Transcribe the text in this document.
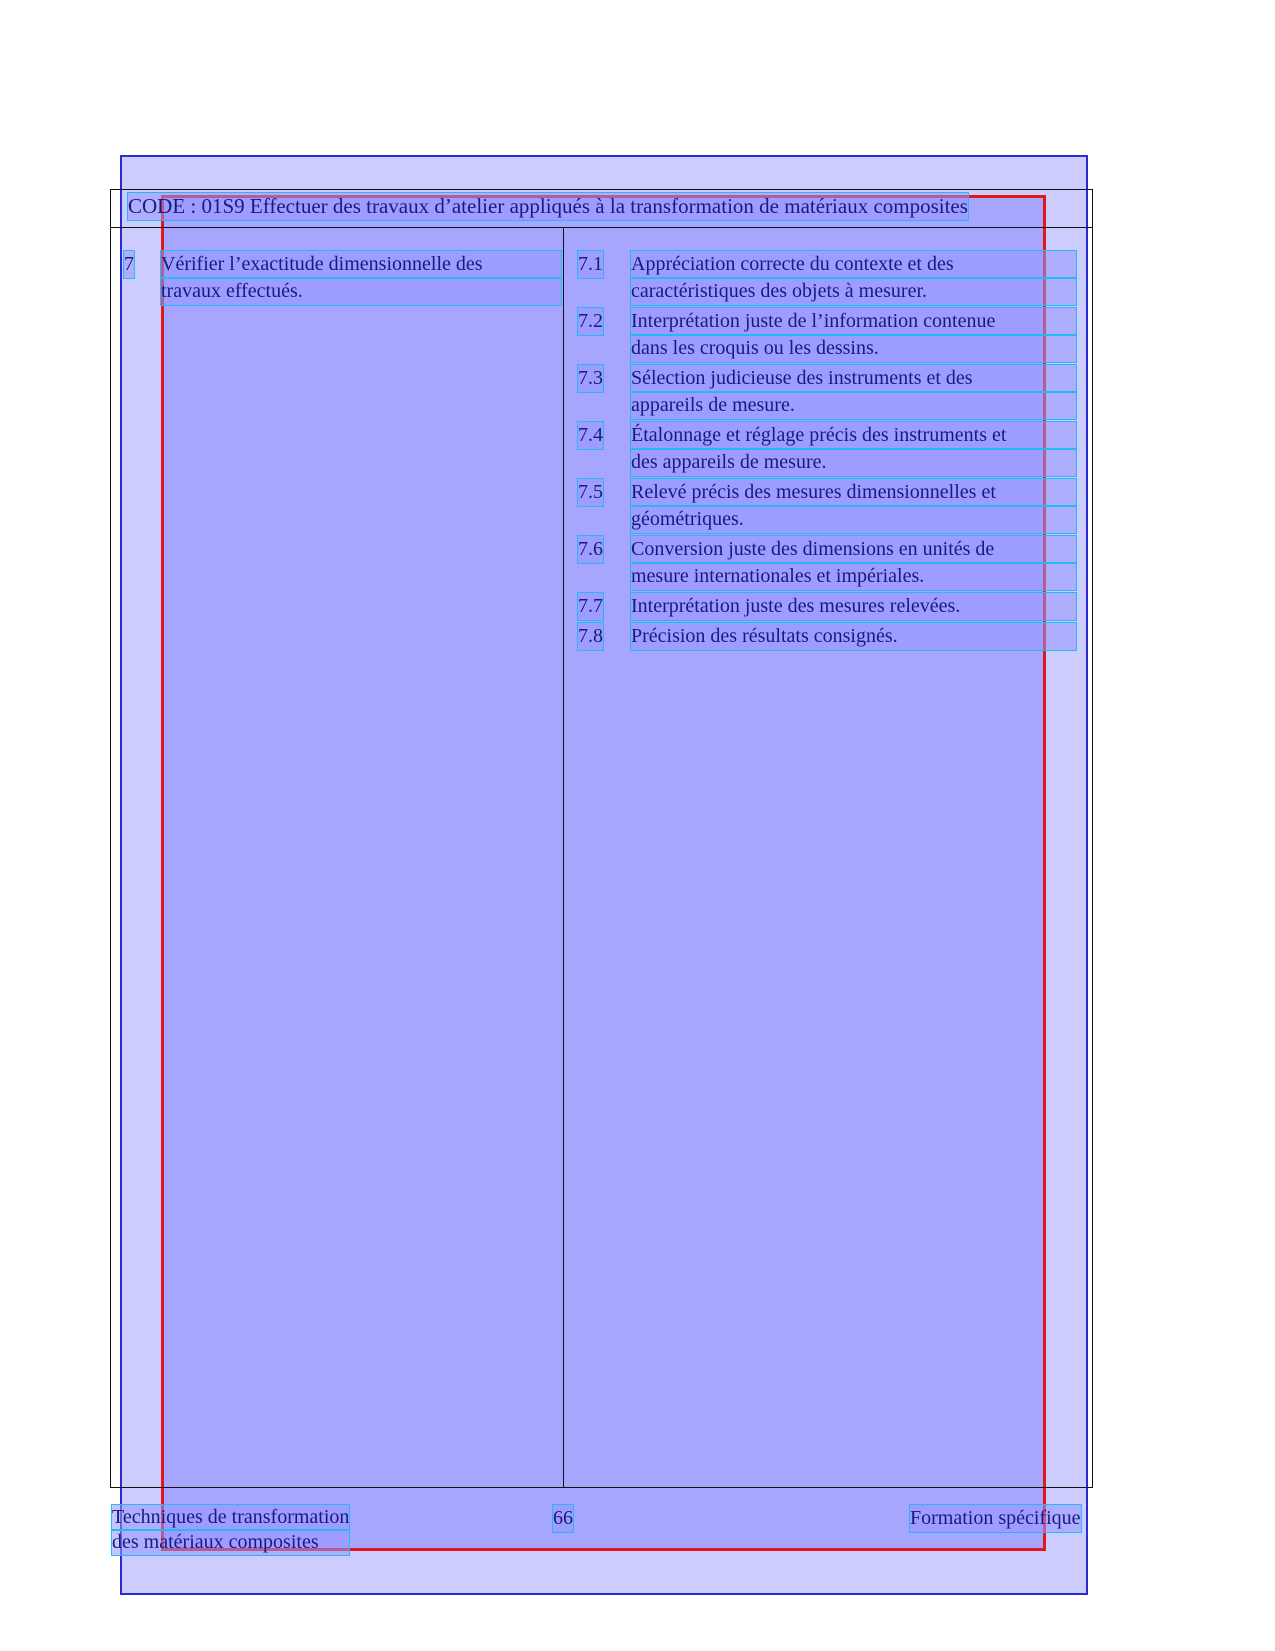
CODE : 01S9 Effectuer des travaux d’atelier appliqués à la transformation de matériaux composites
7 Vérifier l’exactitude dimensionnelle des
travaux effectués.
7.1 Appréciation correcte du contexte et des
caractéristiques des objets à mesurer.
7.2 Interprétation juste de l’information contenue
dans les croquis ou les dessins.
7.3 Sélection judicieuse des instruments et des
appareils de mesure.
7.4 Étalonnage et réglage précis des instruments et
des appareils de mesure.
7.5 Relevé précis des mesures dimensionnelles et
géométriques.
7.6 Conversion juste des dimensions en unités de
mesure internationales et impériales.
7.7 Interprétation juste des mesures relevées.
7.8 Précision des résultats consignés.
Techniques de transformation
des matériaux composites
66	Formation spécifique
